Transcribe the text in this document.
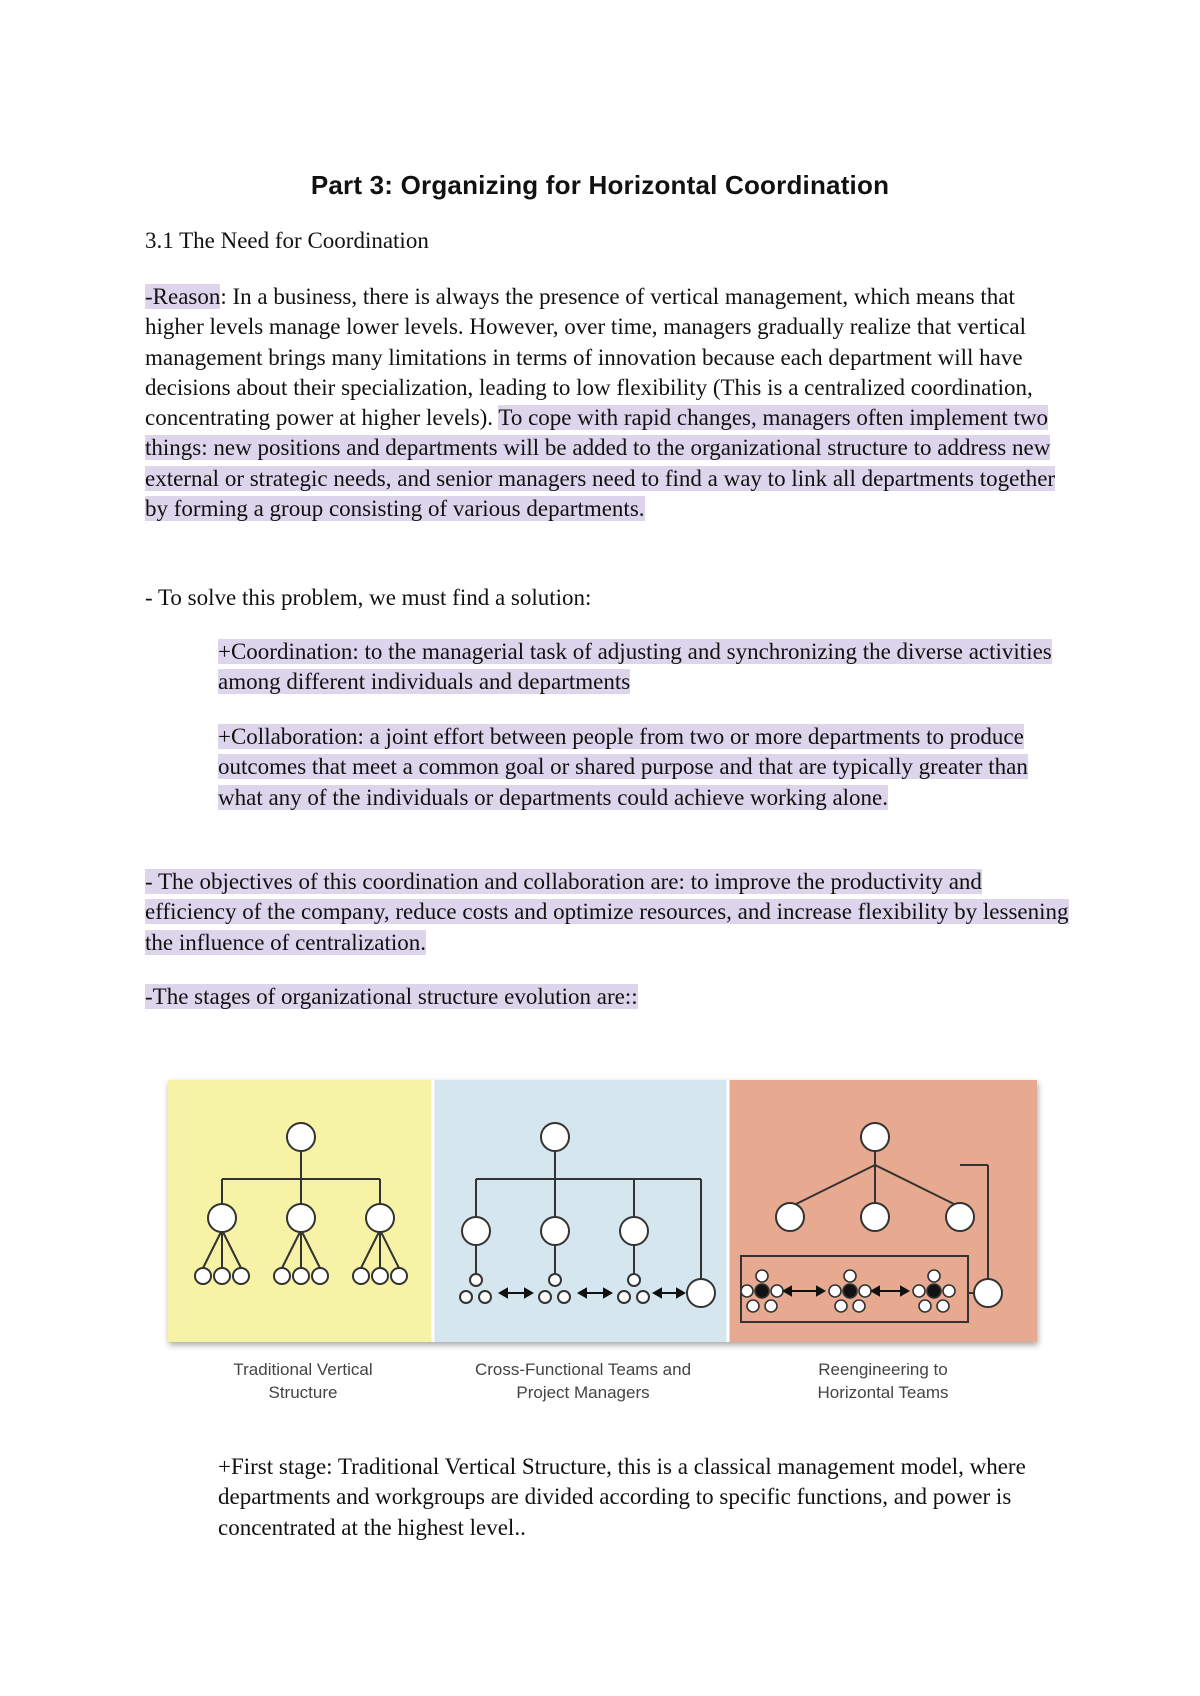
Part 3: Organizing for Horizontal Coordination

3.1 The Need for Coordination

-Reason: In a business, there is always the presence of vertical management, which means that higher levels manage lower levels. However, over time, managers gradually realize that vertical management brings many limitations in terms of innovation because each department will have decisions about their specialization, leading to low flexibility (This is a centralized coordination, concentrating power at higher levels). To cope with rapid changes, managers often implement two things: new positions and departments will be added to the organizational structure to address new external or strategic needs, and senior managers need to find a way to link all departments together by forming a group consisting of various departments.

- To solve this problem, we must find a solution:

+Coordination: to the managerial task of adjusting and synchronizing the diverse activities among different individuals and departments

+Collaboration: a joint effort between people from two or more departments to produce outcomes that meet a common goal or shared purpose and that are typically greater than what any of the individuals or departments could achieve working alone.

- The objectives of this coordination and collaboration are: to improve the productivity and efficiency of the company, reduce costs and optimize resources, and increase flexibility by lessening the influence of centralization.

-The stages of organizational structure evolution are::

Traditional Vertical
Structure

Cross-Functional Teams and
Project Managers

Reengineering to
Horizontal Teams

+First stage: Traditional Vertical Structure, this is a classical management model, where departments and workgroups are divided according to specific functions, and power is concentrated at the highest level..
